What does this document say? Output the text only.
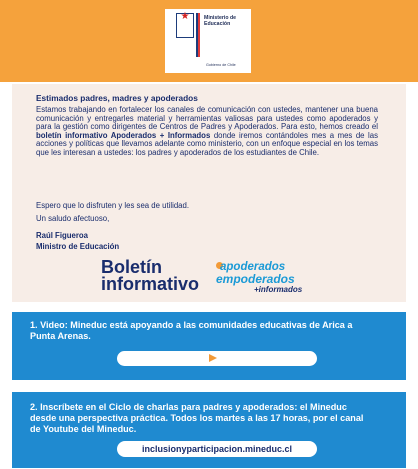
★	Ministerio de
Educación
Gobierno de Chile
Estimados padres, madres y apoderados
Estamos trabajando en fortalecer los canales de comunicación con ustedes, mantener una buena comunicación y entregarles material y herramientas valiosas para ustedes como apoderados y para la gestión como dirigentes de Centros de Padres y Apoderados. Para esto, hemos creado el boletín informativo Apoderados + Informados donde iremos contándoles mes a mes de las acciones y políticas que llevamos adelante como ministerio, con un enfoque especial en los temas que les interesan a ustedes: los padres y apoderados de los estudiantes de Chile.
Espero que lo disfruten y les sea de utilidad.
Un saludo afectuoso,
Raúl Figueroa
Ministro de Educación
Boletín
informativo
apoderados
empoderados
+informados
1. Video: Mineduc está apoyando a las comunidades educativas de Arica a Punta Arenas.
2. Inscríbete en el Ciclo de charlas para padres y apoderados: el Mineduc desde una perspectiva práctica. Todos los martes a las 17 horas, por el canal de Youtube del Mineduc.
inclusionyparticipacion.mineduc.cl
